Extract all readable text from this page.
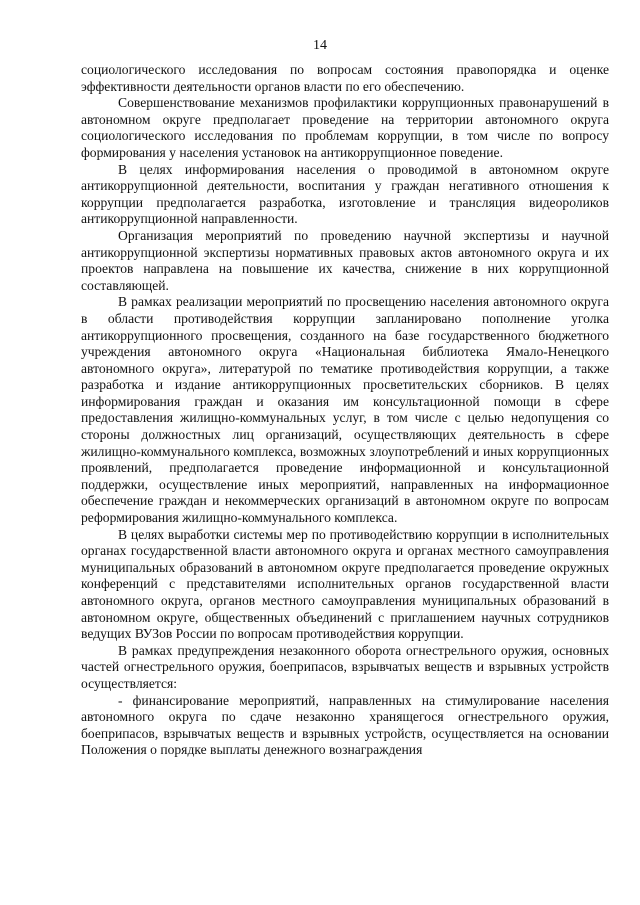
14

социологического исследования по вопросам состояния правопорядка и оценке эффективности деятельности органов власти по его обеспечению.

Совершенствование механизмов профилактики коррупционных правонарушений в автономном округе предполагает проведение на территории автономного округа социологического исследования по проблемам коррупции, в том числе по вопросу формирования у населения установок на антикоррупционное поведение.

В целях информирования населения о проводимой в автономном округе антикоррупционной деятельности, воспитания у граждан негативного отношения к коррупции предполагается разработка, изготовление и трансляция видеороликов антикоррупционной направленности.

Организация мероприятий по проведению научной экспертизы и научной антикоррупционной экспертизы нормативных правовых актов автономного округа и их проектов направлена на повышение их качества, снижение в них коррупционной составляющей.

В рамках реализации мероприятий по просвещению населения автономного округа в области противодействия коррупции запланировано пополнение уголка антикоррупционного просвещения, созданного на базе государственного бюджетного учреждения автономного округа «Национальная библиотека Ямало-Ненецкого автономного округа», литературой по тематике противодействия коррупции, а также разработка и издание антикоррупционных просветительских сборников. В целях информирования граждан и оказания им консультационной помощи в сфере предоставления жилищно-коммунальных услуг, в том числе с целью недопущения со стороны должностных лиц организаций, осуществляющих деятельность в сфере жилищно-коммунального комплекса, возможных злоупотреблений и иных коррупционных проявлений, предполагается проведение информационной и консультационной поддержки, осуществление иных мероприятий, направленных на информационное обеспечение граждан и некоммерческих организаций в автономном округе по вопросам реформирования жилищно-коммунального комплекса.

В целях выработки системы мер по противодействию коррупции в исполнительных органах государственной власти автономного округа и органах местного самоуправления муниципальных образований в автономном округе предполагается проведение окружных конференций с представителями исполнительных органов государственной власти автономного округа, органов местного самоуправления муниципальных образований в автономном округе, общественных объединений с приглашением научных сотрудников ведущих ВУЗов России по вопросам противодействия коррупции.

В рамках предупреждения незаконного оборота огнестрельного оружия, основных частей огнестрельного оружия, боеприпасов, взрывчатых веществ и взрывных устройств осуществляется:

- финансирование мероприятий, направленных на стимулирование населения автономного округа по сдаче незаконно хранящегося огнестрельного оружия, боеприпасов, взрывчатых веществ и взрывных устройств, осуществляется на основании Положения о порядке выплаты денежного вознаграждения
